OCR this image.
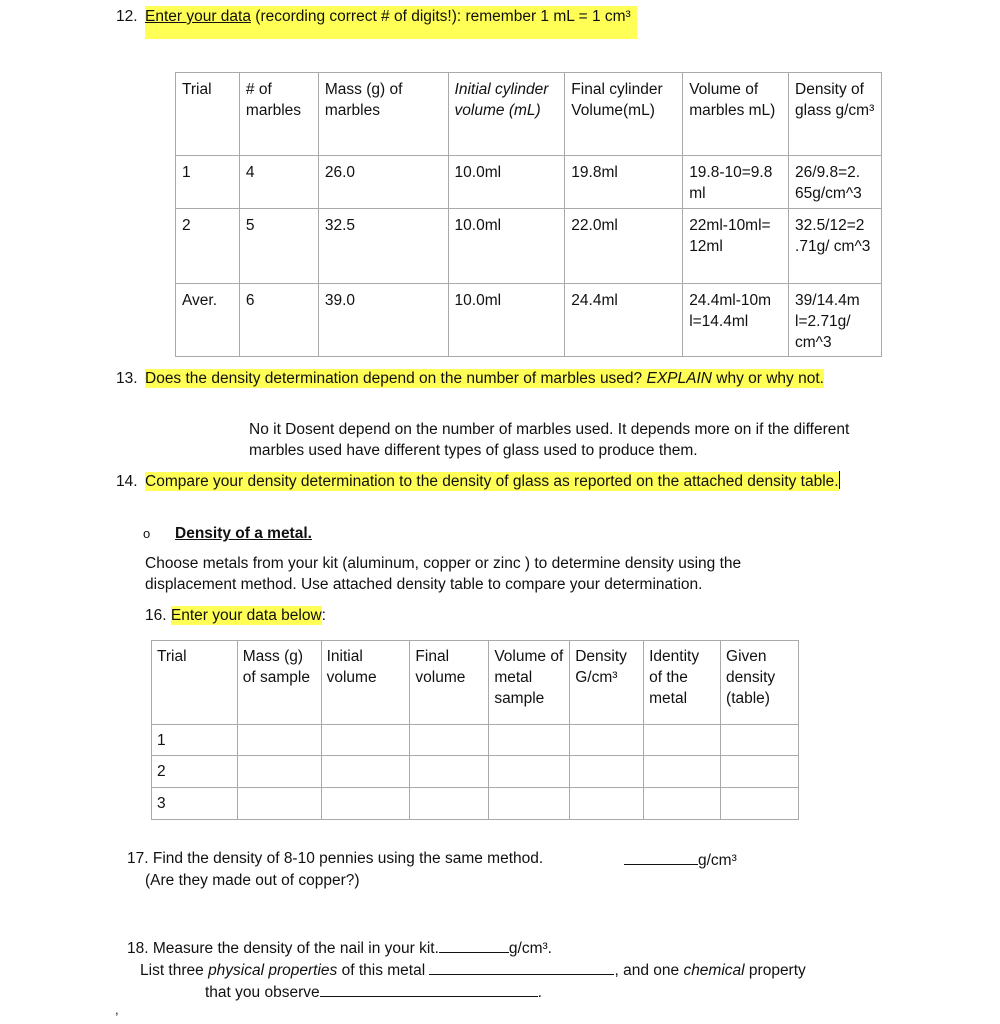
12. Enter your data (recording correct # of digits!): remember 1 mL = 1 cm³
Trial	# of marbles	Mass (g) of marbles	Initial cylinder volume (mL)	Final cylinder Volume(mL)	Volume of marbles mL)	Density of glass g/cm³
1	4	26.0	10.0ml	19.8ml	19.8-10=9.8 ml	26/9.8=2. 65g/cm^3
2	5	32.5	10.0ml	22.0ml	22ml-10ml= 12ml	32.5/12=2 .71g/ cm^3
Aver.	6	39.0	10.0ml	24.4ml	24.4ml-10m l=14.4ml	39/14.4m l=2.71g/ cm^3
13. Does the density determination depend on the number of marbles used? EXPLAIN why or why not.
No it Dosent depend on the number of marbles used. It depends more on if the different marbles used have different types of glass used to produce them.
14. Compare your density determination to the density of glass as reported on the attached density table.
o Density of a metal.
Choose metals from your kit (aluminum, copper or zinc ) to determine density using the displacement method. Use attached density table to compare your determination.
16. Enter your data below:
Trial	Mass (g) of sample	Initial volume	Final volume	Volume of metal sample	Density G/cm³	Identity of the metal	Given density (table)
1							
2							
3							
17. Find the density of 8-10 pennies using the same method.
(Are they made out of copper?)
g/cm³
18. Measure the density of the nail in your kit.	g/cm³.
List three physical properties of this metal	, and one chemical property
that you observe	.
,
